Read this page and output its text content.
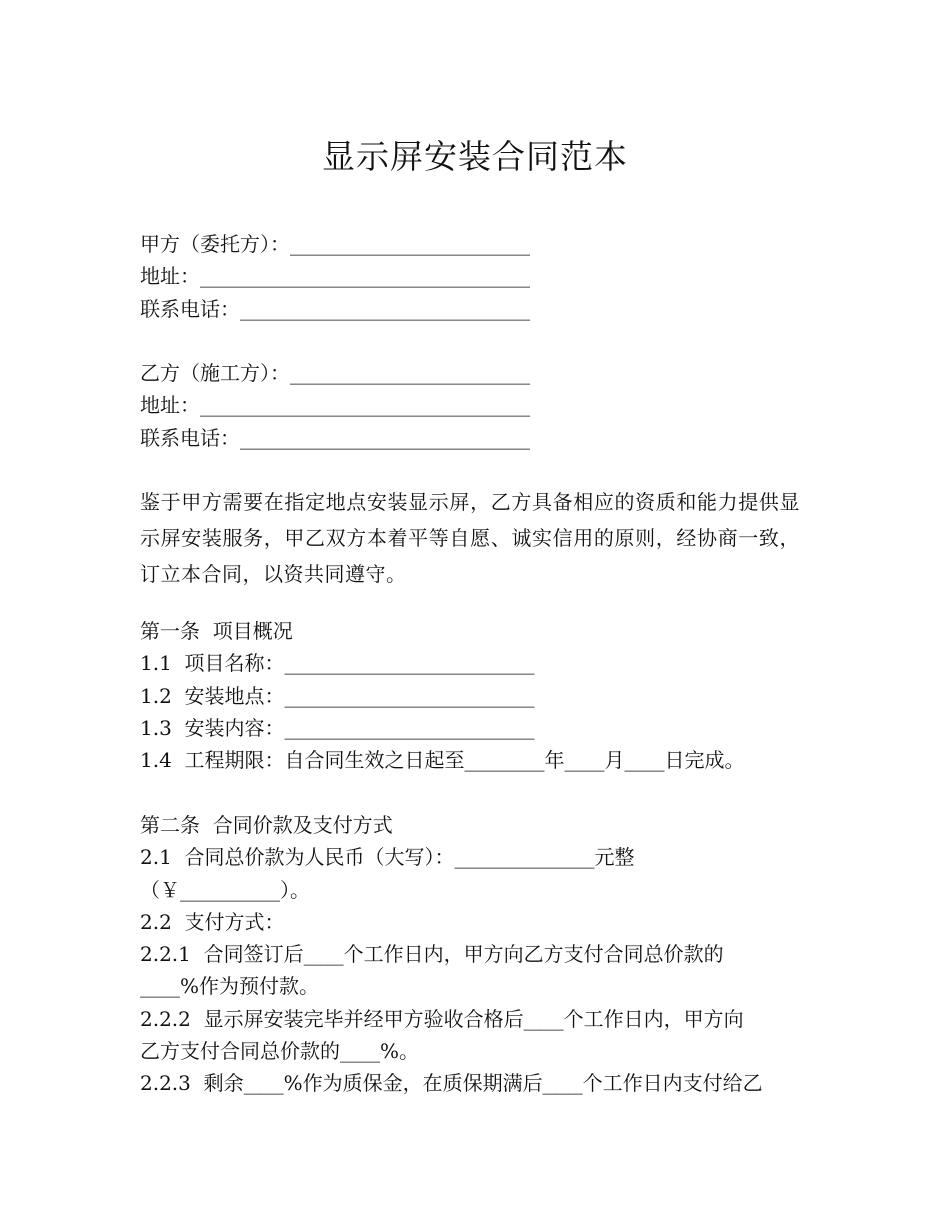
显示屏安装合同范本
甲方（委托方）：________________________
地址：_________________________________
联系电话：_____________________________
乙方（施工方）：________________________
地址：_________________________________
联系电话：_____________________________
鉴于甲方需要在指定地点安装显示屏，乙方具备相应的资质和能力提供显示屏安装服务，甲乙双方本着平等自愿、诚实信用的原则，经协商一致，订立本合同，以资共同遵守。
第一条  项目概况
1.1  项目名称：_________________________
1.2  安装地点：_________________________
1.3  安装内容：_________________________
1.4  工程期限：自合同生效之日起至________年____月____日完成。
第二条  合同价款及支付方式
2.1  合同总价款为人民币（大写）：______________元整
（￥__________）。
2.2  支付方式：
2.2.1  合同签订后____个工作日内，甲方向乙方支付合同总价款的
____%作为预付款。
2.2.2  显示屏安装完毕并经甲方验收合格后____个工作日内，甲方向
乙方支付合同总价款的____%。
2.2.3  剩余____%作为质保金，在质保期满后____个工作日内支付给乙
